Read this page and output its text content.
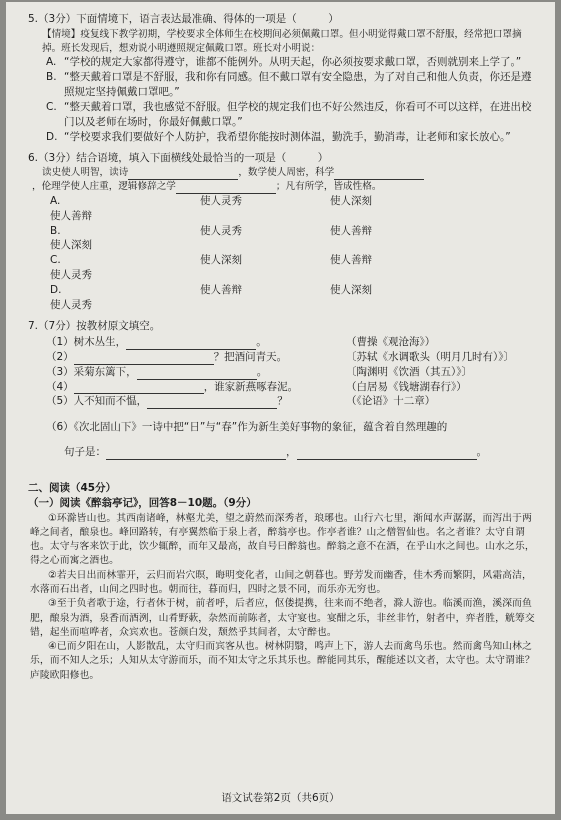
5.（3分）下面情境下，语言表达最准确、得体的一项是（　　　）

【情境】疫复线下教学初期，学校要求全体师生在校期间必须佩戴口罩。但小明觉得戴口罩不舒服，经常把口罩摘掉。班长发现后，想劝说小明遵照规定佩戴口罩。班长对小明说：

A. “学校的规定大家都得遵守，谁都不能例外。从明天起，你必须按要求戴口罩，否则就别来上学了。”
B. “整天戴着口罩是不舒服，我和你有同感。但不戴口罩有安全隐患，为了对自己和他人负责，你还是遵照规定坚持佩戴口罩吧。”
C. “整天戴着口罩，我也感觉不舒服。但学校的规定我们也不好公然违反，你看可不可以这样，在进出校门以及老师在场时，你最好佩戴口罩。”
D. “学校要求我们要做好个人防护，我希望你能按时测体温，勤洗手，勤消毒，让老师和家长放心。”

6.（3分）结合语境，填入下面横线处最恰当的一项是（　　　）

读史使人明智，读诗	，数学使人周密，科学

，伦理学使人庄重，逻辑修辞之学	；凡有所学，皆成性格。

A.
使人善辩
使人灵秀	使人深刻
B.
使人深刻
使人灵秀	使人善辩
C.
使人灵秀
使人深刻	使人善辩
D.
使人灵秀
使人善辩	使人深刻

7.（7分）按教材原文填空。

（1）树木丛生，	。	（曹操《观沧海》）
（2）	？把酒问青天。	〔苏轼《水调歌头（明月几时有）》〕
（3）采菊东篱下，	。	〔陶渊明《饮酒（其五）》〕
（4）	，谁家新燕啄春泥。	（白居易《钱塘湖春行》）
（5）人不知而不愠，	？	（《论语》十二章）

（6）《次北固山下》一诗中把“日”与“春”作为新生美好事物的象征，蕴含着自然理趣的

句子是：	，	。

二、阅读（45分）

（一）阅读《醉翁亭记》，回答8－10题。（9分）

①环滁皆山也。其西南诸峰，林壑尤美，望之蔚然而深秀者，琅琊也。山行六七里，渐闻水声潺潺，而泻出于两峰之间者，酿泉也。峰回路转，有亭翼然临于泉上者，醉翁亭也。作亭者谁？山之僧智仙也。名之者谁？太守自谓也。太守与客来饮于此，饮少辄醉，而年又最高，故自号曰醉翁也。醉翁之意不在酒，在乎山水之间也。山水之乐，得之心而寓之酒也。

②若夫日出而林霏开，云归而岩穴暝，晦明变化者，山间之朝暮也。野芳发而幽香，佳木秀而繁阴，风霜高洁，水落而石出者，山间之四时也。朝而往，暮而归，四时之景不同，而乐亦无穷也。

③至于负者歌于途，行者休于树，前者呼，后者应，伛偻提携，往来而不绝者，滁人游也。临溪而渔，溪深而鱼肥，酿泉为酒，泉香而酒洌，山肴野蔌，杂然而前陈者，太守宴也。宴酣之乐，非丝非竹，射者中，弈者胜，觥筹交错，起坐而喧哗者，众宾欢也。苍颜白发，颓然乎其间者，太守醉也。

④已而夕阳在山，人影散乱，太守归而宾客从也。树林阴翳，鸣声上下，游人去而禽鸟乐也。然而禽鸟知山林之乐，而不知人之乐；人知从太守游而乐，而不知太守之乐其乐也。醉能同其乐，醒能述以文者，太守也。太守谓谁？庐陵欧阳修也。

语文试卷第2页（共6页）
